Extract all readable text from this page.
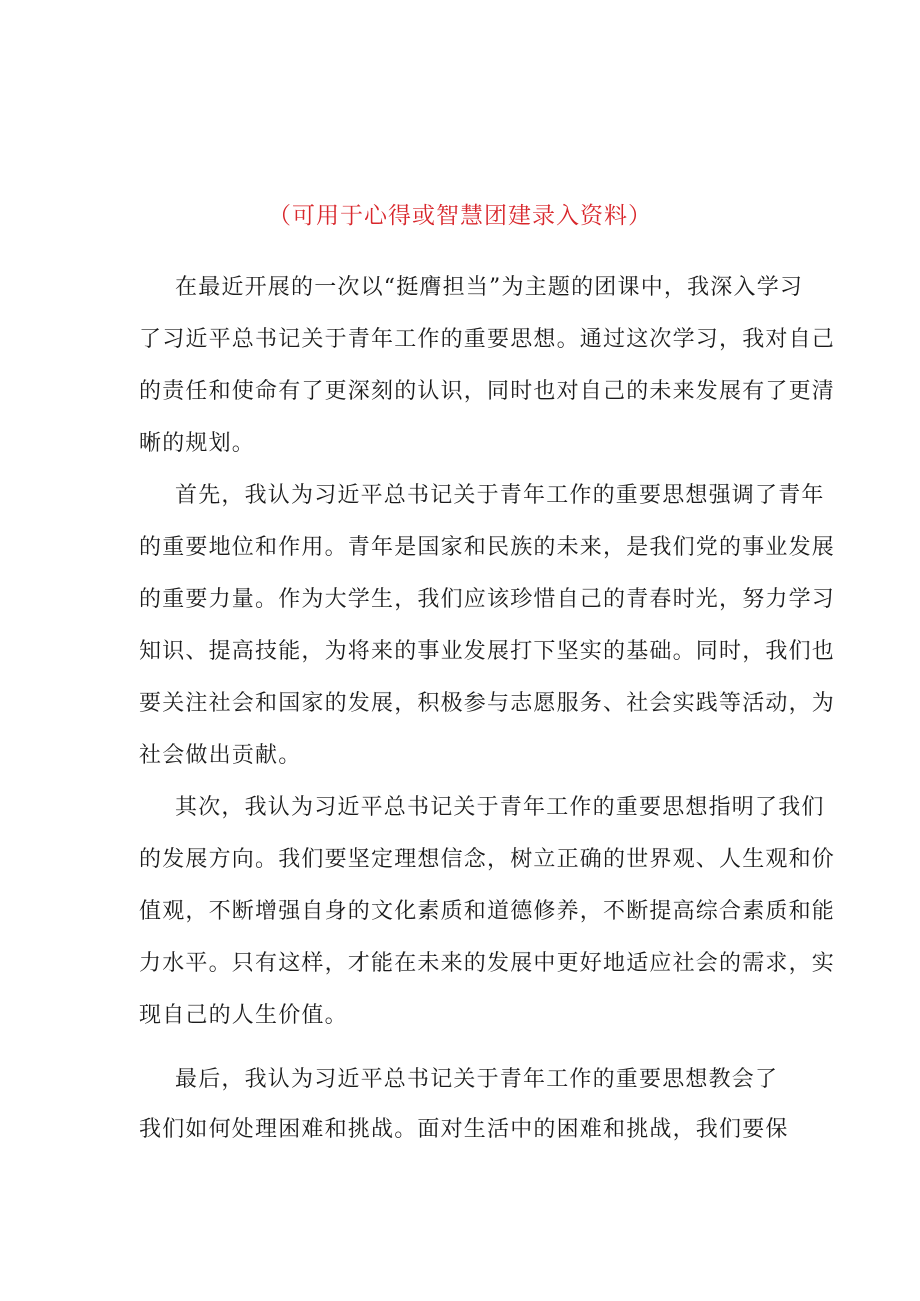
（可用于心得或智慧团建录入资料）
在最近开展的一次以“挺膺担当”为主题的团课中，我深入学习
了习近平总书记关于青年工作的重要思想。通过这次学习，我对自己
的责任和使命有了更深刻的认识，同时也对自己的未来发展有了更清
晰的规划。
首先，我认为习近平总书记关于青年工作的重要思想强调了青年
的重要地位和作用。青年是国家和民族的未来，是我们党的事业发展
的重要力量。作为大学生，我们应该珍惜自己的青春时光，努力学习
知识、提高技能，为将来的事业发展打下坚实的基础。同时，我们也
要关注社会和国家的发展，积极参与志愿服务、社会实践等活动，为
社会做出贡献。
其次，我认为习近平总书记关于青年工作的重要思想指明了我们
的发展方向。我们要坚定理想信念，树立正确的世界观、人生观和价
值观，不断增强自身的文化素质和道德修养，不断提高综合素质和能
力水平。只有这样，才能在未来的发展中更好地适应社会的需求，实
现自己的人生价值。
最后，我认为习近平总书记关于青年工作的重要思想教会了
我们如何处理困难和挑战。面对生活中的困难和挑战，我们要保
